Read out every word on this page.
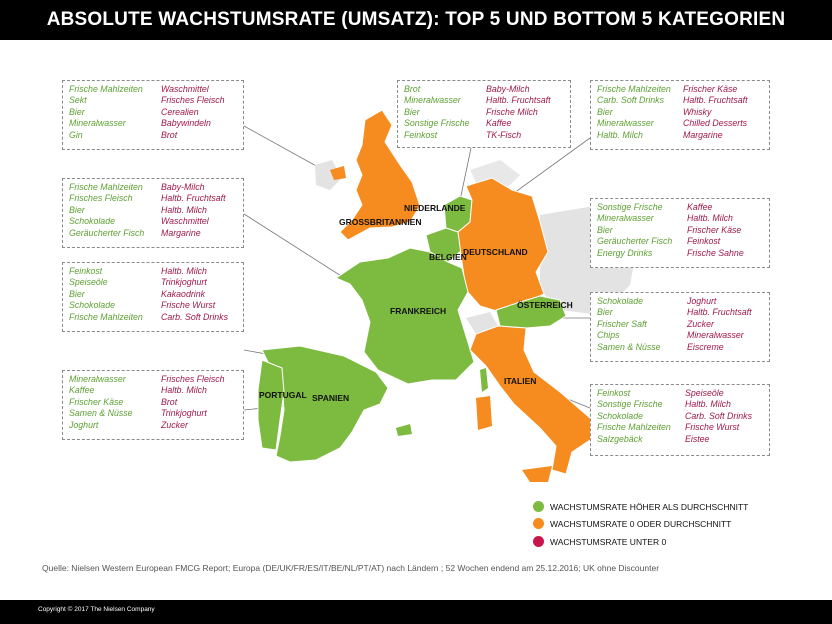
ABSOLUTE WACHSTUMSRATE (UMSATZ): TOP 5 UND BOTTOM 5 KATEGORIEN
GROSSBRITANNIEN
NIEDERLANDE
BELGIEN
DEUTSCHLAND
FRANKREICH
ÖSTERREICH
PORTUGAL SPANIEN
ITALIEN
Frische Mahlzeiten
Sekt
Bier
Mineralwasser
Gin
Waschmittel
Frisches Fleisch
Cerealien
Babywindeln
Brot
Brot
Mineralwasser
Bier
Sonstige Frische
Feinkost
Baby-Milch
Haltb. Fruchtsaft
Frische Milch
Kaffee
TK-Fisch
Frische Mahlzeiten
Carb. Soft Drinks
Bier
Mineralwasser
Haltb. Milch
Frischer Käse
Haltb. Fruchtsaft
Whisky
Chilled Desserts
Margarine
Frische Mahlzeiten
Frisches Fleisch
Bier
Schokolade
Geräucherter Fisch
Baby-Milch
Haltb. Fruchtsaft
Haltb. Milch
Waschmittel
Margarine
Sonstige Frische
Mineralwasser
Bier
Geräucherter Fisch
Energy Drinks
Kaffee
Haltb. Milch
Frischer Käse
Feinkost
Frische Sahne
Feinkost
Speiseöle
Bier
Schokolade
Frische Mahlzeiten
Haltb. Milch
Trinkjoghurt
Kakaodrink
Frische Wurst
Carb. Soft Drinks
Schokolade
Bier
Frischer Saft
Chips
Samen & Nüsse
Joghurt
Haltb. Fruchtsaft
Zucker
Mineralwasser
Eiscreme
Mineralwasser
Kaffee
Frischer Käse
Samen & Nüsse
Joghurt
Frisches Fleisch
Haltb. Milch
Brot
Trinkjoghurt
Zucker
Feinkost
Sonstige Frische
Schokolade
Frische Mahlzeiten
Salzgebäck
Speiseöle
Haltb. Milch
Carb. Soft Drinks
Frische Wurst
Eistee
WACHSTUMSRATE HÖHER ALS DURCHSCHNITT
WACHSTUMSRATE 0 ODER DURCHSCHNITT
WACHSTUMSRATE UNTER 0
Quelle: Nielsen Western European FMCG Report; Europa (DE/UK/FR/ES/IT/BE/NL/PT/AT) nach Ländern ; 52 Wochen endend am 25.12.2016; UK ohne Discounter
Copyright © 2017 The Nielsen Company
